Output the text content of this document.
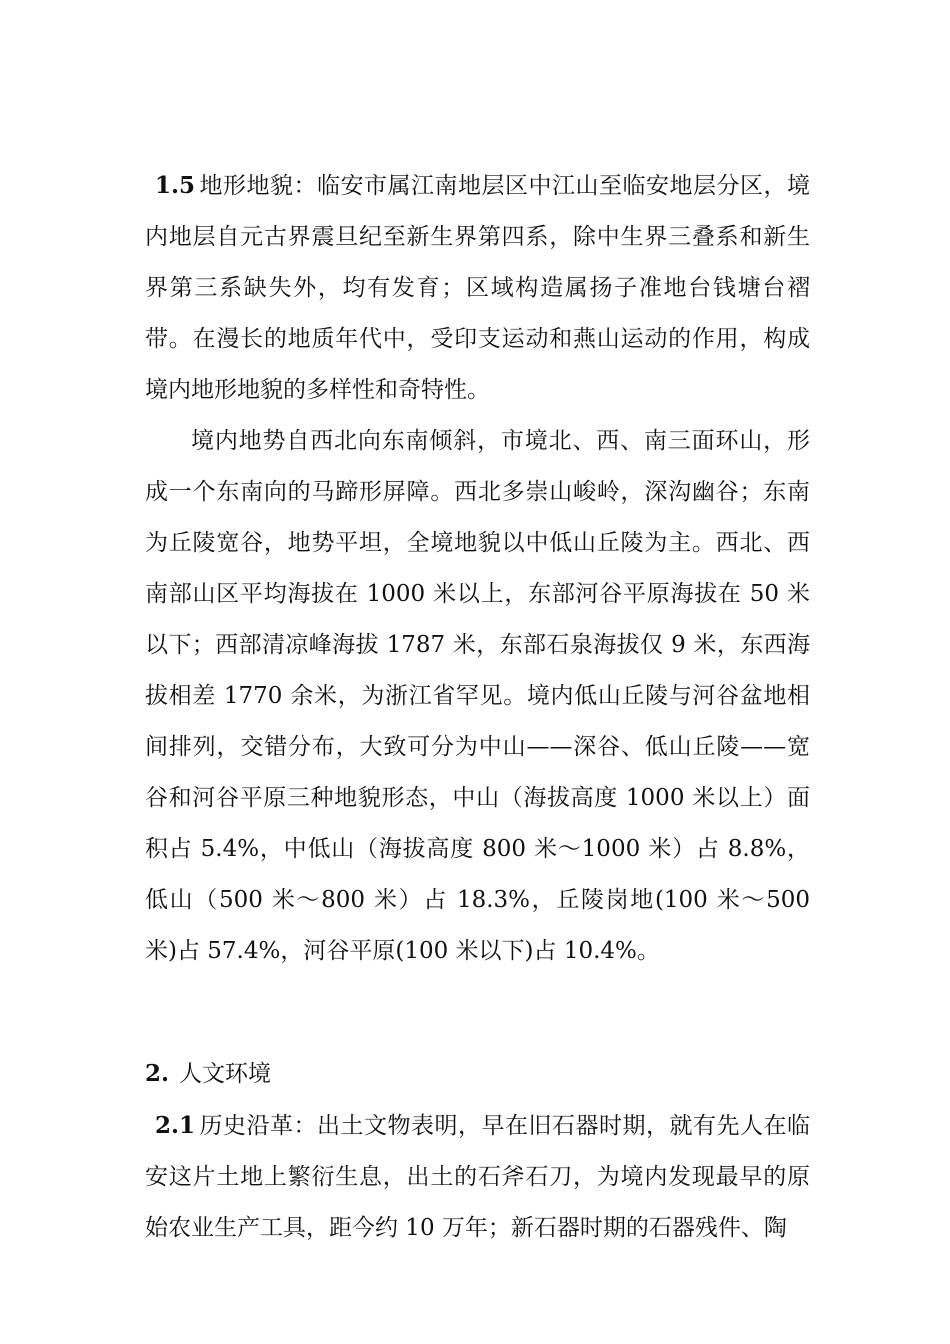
1.5 地形地貌：临安市属江南地层区中江山至临安地层分区，境内地层自元古界震旦纪至新生界第四系，除中生界三叠系和新生界第三系缺失外，均有发育；区域构造属扬子准地台钱塘台褶带。在漫长的地质年代中，受印支运动和燕山运动的作用，构成境内地形地貌的多样性和奇特性。

境内地势自西北向东南倾斜，市境北、西、南三面环山，形成一个东南向的马蹄形屏障。西北多崇山峻岭，深沟幽谷；东南为丘陵宽谷，地势平坦，全境地貌以中低山丘陵为主。西北、西南部山区平均海拔在 1000 米以上，东部河谷平原海拔在 50 米以下；西部清凉峰海拔 1787 米，东部石泉海拔仅 9 米，东西海拔相差 1770 余米，为浙江省罕见。境内低山丘陵与河谷盆地相间排列，交错分布，大致可分为中山——深谷、低山丘陵——宽谷和河谷平原三种地貌形态，中山（海拔高度 1000 米以上）面积占 5.4%，中低山（海拔高度 800 米～1000 米）占 8.8%，低山（500 米～800 米）占 18.3%，丘陵岗地(100 米～500 米)占 57.4%，河谷平原(100 米以下)占 10.4%。

2. 人文环境

2.1 历史沿革：出土文物表明，早在旧石器时期，就有先人在临安这片土地上繁衍生息，出土的石斧石刀，为境内发现最早的原始农业生产工具，距今约 10 万年；新石器时期的石器残件、陶
